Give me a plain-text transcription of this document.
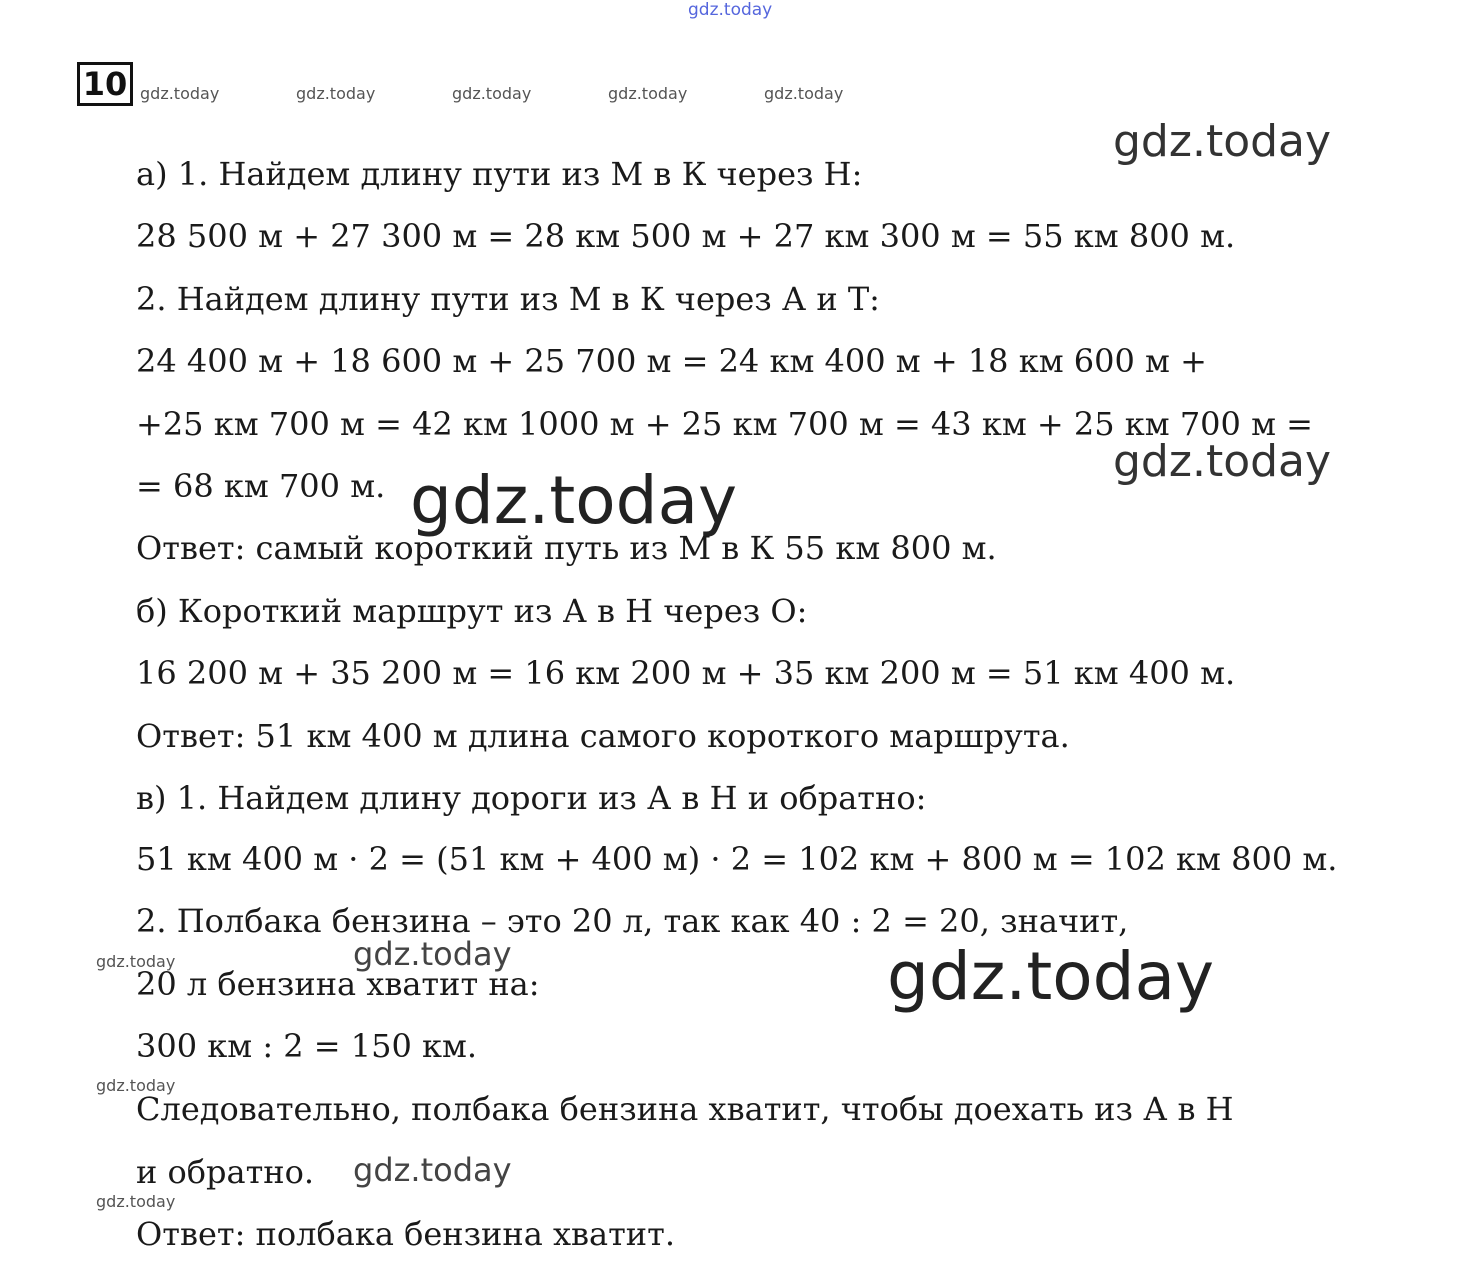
gdz.today
gdz.today	gdz.today	gdz.today	gdz.today	gdz.today
gdz.today
gdz.today
gdz.today
gdz.today	gdz.today
gdz.today
gdz.today
gdz.today
gdz.today
10
а) 1. Найдем длину пути из М в К через Н:
28 500 м + 27 300 м = 28 км 500 м + 27 км 300 м = 55 км 800 м.
2. Найдем длину пути из М в К через А и Т:
24 400 м + 18 600 м + 25 700 м = 24 км 400 м + 18 км 600 м +
+25 км 700 м = 42 км 1000 м + 25 км 700 м = 43 км + 25 км 700 м =
= 68 км 700 м.
Ответ: самый короткий путь из М в К 55 км 800 м.
б) Короткий маршрут из А в Н через О:
16 200 м + 35 200 м = 16 км 200 м + 35 км 200 м = 51 км 400 м.
Ответ: 51 км 400 м длина самого короткого маршрута.
в) 1. Найдем длину дороги из А в Н и обратно:
51 км 400 м · 2 = (51 км + 400 м) · 2 = 102 км + 800 м = 102 км 800 м.
2. Полбака бензина – это 20 л, так как 40 : 2 = 20, значит,
20 л бензина хватит на:
300 км : 2 = 150 км.
Следовательно, полбака бензина хватит, чтобы доехать из А в Н
и обратно.
Ответ: полбака бензина хватит.
